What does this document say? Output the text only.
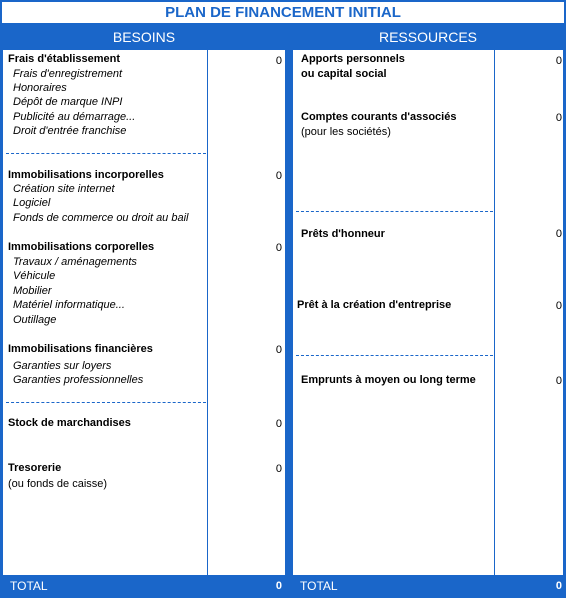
PLAN DE FINANCEMENT INITIAL
BESOINS	RESSOURCES
Frais d'établissement	0
Frais d'enregistrement
Honoraires
Dépôt de marque INPI
Publicité au démarrage...
Droit d'entrée franchise
Immobilisations incorporelles	0
Création site internet
Logiciel
Fonds de commerce ou droit au bail
Immobilisations corporelles	0
Travaux / aménagements
Véhicule
Mobilier
Matériel informatique...
Outillage
Immobilisations financières	0
Garanties sur loyers
Garanties professionnelles
Stock de marchandises	0
Tresorerie	0
(ou fonds de caisse)
Apports personnels
ou capital social
0
Comptes courants d'associés
(pour les sociétés)
0
Prêts d'honneur	0
Prêt à la création d'entreprise	0
Emprunts à moyen ou long terme	0
TOTAL	0	TOTAL	0
